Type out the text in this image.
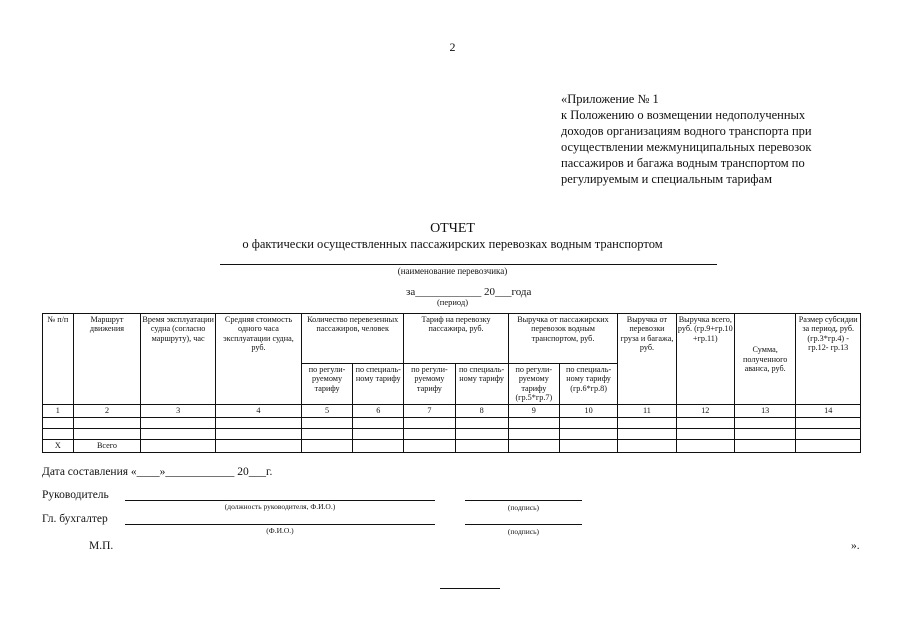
2
«Приложение № 1
к Положению о возмещении недополученных
доходов организациям водного транспорта при
осуществлении межмуниципальных перевозок
пассажиров и багажа водным транспортом по
регулируемым и специальным тарифам
ОТЧЕТ
о фактически осуществленных пассажирских перевозках водным транспортом
(наименование перевозчика)
за____________ 20___года
(период)
№ п/п	Маршрут движения	Время эксплуатации судна (согласно маршруту), час	Средняя стоимость одного часа эксплуатации судна, руб.	Количество перевезенных пассажиров, человек		Тариф на перевозку пассажира, руб.		Выручка от пассажирских перевозок водным транспортом, руб.		Выручка от перевозки груза и багажа, руб.	Выручка всего, руб. (гр.9+гр.10 +гр.11)	Сумма, полученного аванса, руб.	Размер субсидии за период, руб. (гр.3*гр.4) - гр.12- гр.13
				по регули-руемому тарифу	по специаль-ному тарифу	по регули-руемому тарифу	по специаль-ному тарифу	по регули-руемому тарифу (гр.5*гр.7)	по специаль-ному тарифу (гр.6*гр.8)				
1	2	3	4	5	6	7	8	9	10	11	12	13	14

Х	Всего												
Дата составления «____»____________ 20___г.
Руководитель
(должность руководителя, Ф.И.О.)	(подпись)
Гл. бухгалтер
(Ф.И.О.)	(подпись)
М.П.	».
